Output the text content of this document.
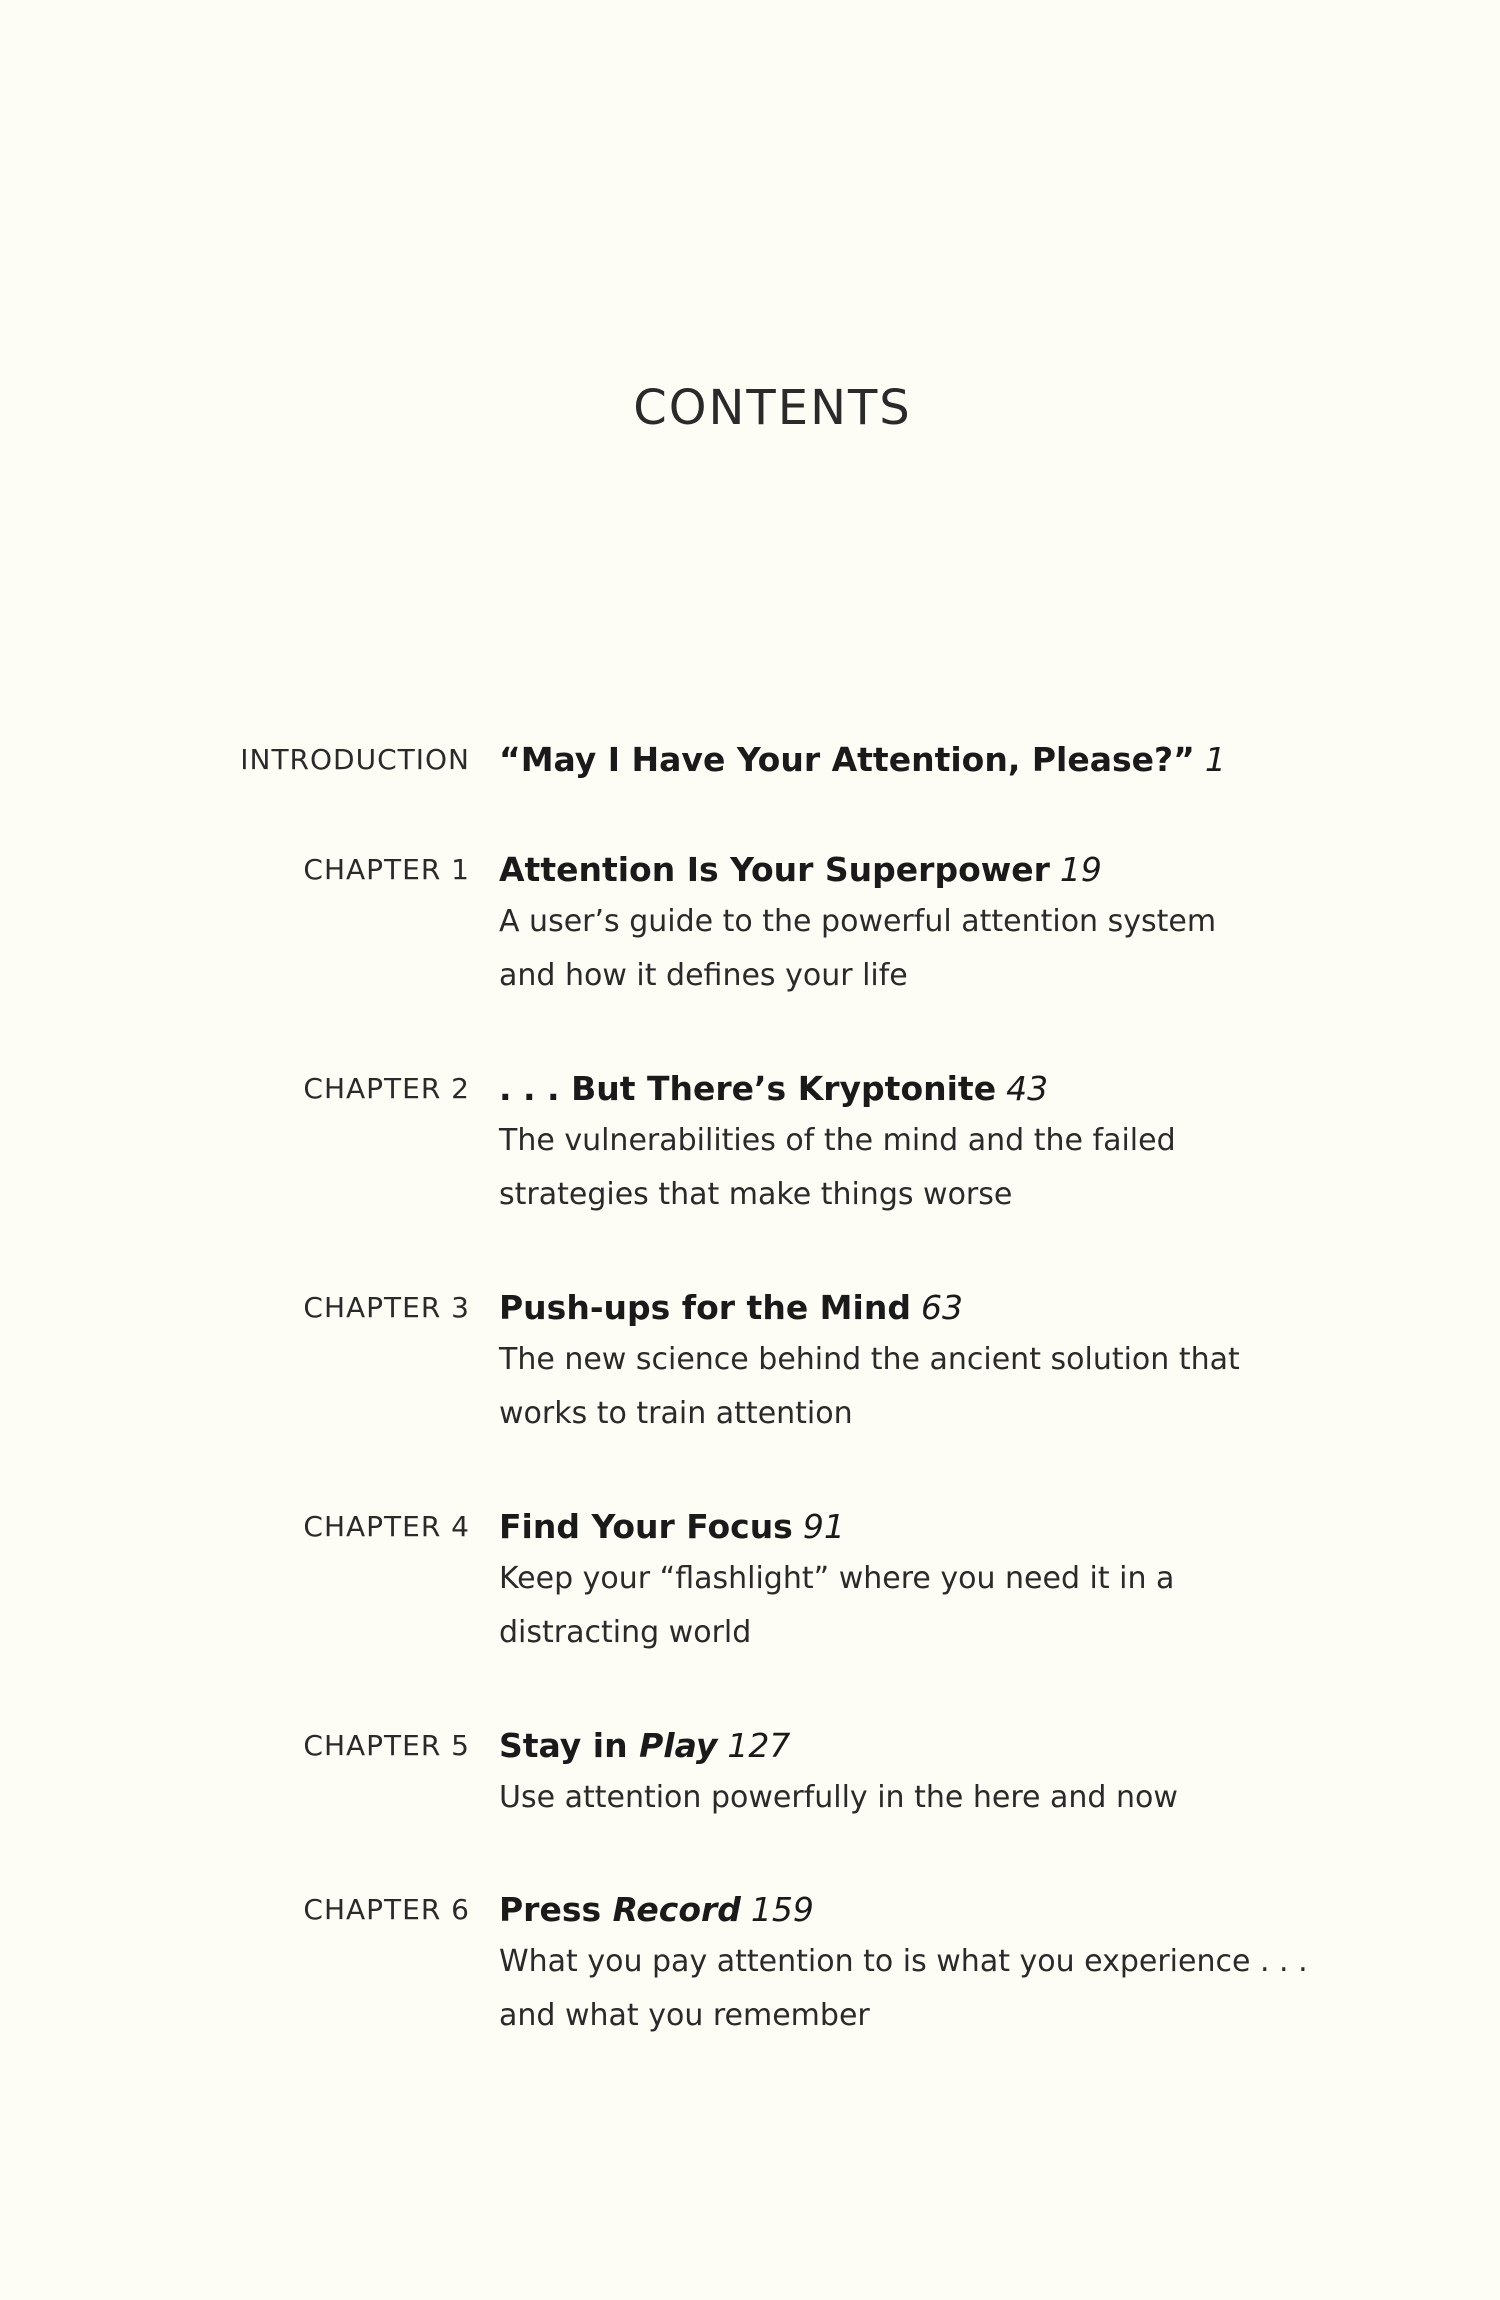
CONTENTS
INTRODUCTION “May I Have Your Attention, Please?” 1
CHAPTER 1 Attention Is Your Superpower 19
A user’s guide to the powerful attention system
and how it defines your life
CHAPTER 2 . . . But There’s Kryptonite 43
The vulnerabilities of the mind and the failed
strategies that make things worse
CHAPTER 3 Push-ups for the Mind 63
The new science behind the ancient solution that
works to train attention
CHAPTER 4 Find Your Focus 91
Keep your “flashlight” where you need it in a
distracting world
CHAPTER 5 Stay in Play 127
Use attention powerfully in the here and now
CHAPTER 6 Press Record 159
What you pay attention to is what you experience . . .
and what you remember
